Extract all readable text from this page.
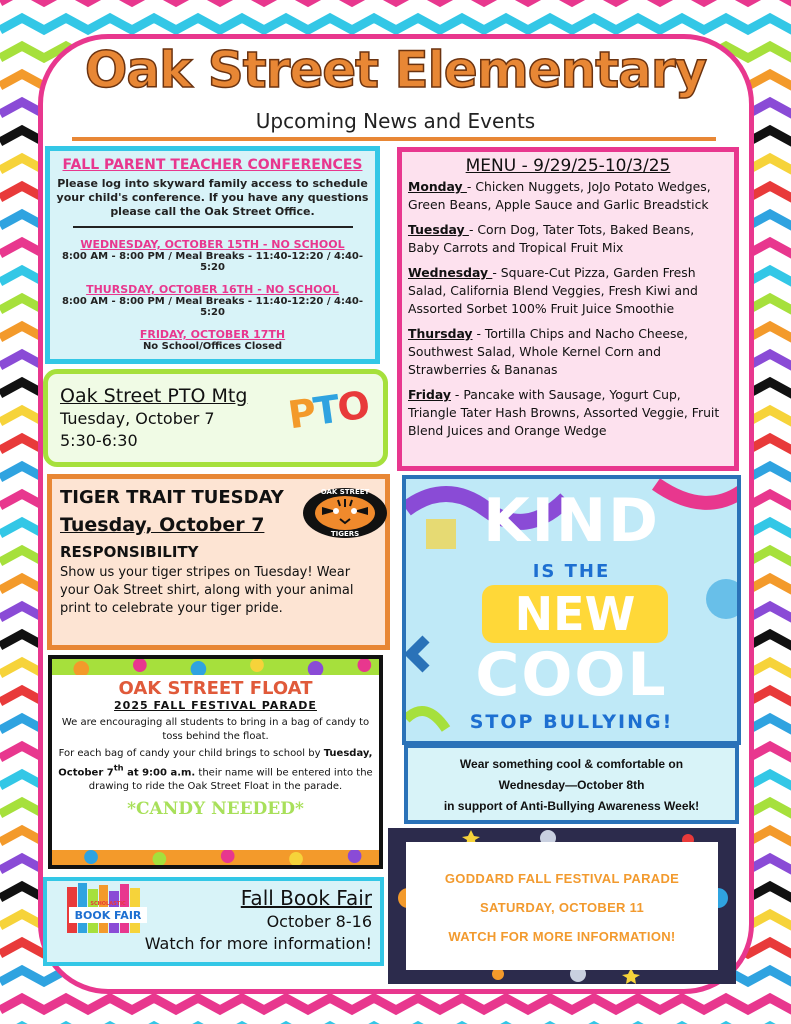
Oak Street Elementary
Upcoming News and Events
FALL PARENT TEACHER CONFERENCES
Please log into skyward family access to schedule your child's conference. If you have any questions please call the Oak Street Office.
WEDNESDAY, OCTOBER 15TH - NO SCHOOL
8:00 AM - 8:00 PM / Meal Breaks - 11:40-12:20 / 4:40-5:20
THURSDAY, OCTOBER 16TH - NO SCHOOL
8:00 AM - 8:00 PM / Meal Breaks - 11:40-12:20 / 4:40-5:20
FRIDAY, OCTOBER 17TH
No School/Offices Closed
MENU - 9/29/25-10/3/25

Monday - Chicken Nuggets, JoJo Potato Wedges, Green Beans, Apple Sauce and Garlic Breadstick

Tuesday - Corn Dog, Tater Tots, Baked Beans, Baby Carrots and Tropical Fruit Mix

Wednesday - Square-Cut Pizza, Garden Fresh Salad, California Blend Veggies, Fresh Kiwi and Assorted Sorbet 100% Fruit Juice Smoothie

Thursday - Tortilla Chips and Nacho Cheese, Southwest Salad, Whole Kernel Corn and Strawberries & Bananas

Friday - Pancake with Sausage, Yogurt Cup, Triangle Tater Hash Browns, Assorted Veggie, Fruit Blend Juices and Orange Wedge

Oak Street PTO Mtg
Tuesday, October 7
5:30-6:30
PTO
TIGER TRAIT TUESDAY
Tuesday, October 7
RESPONSIBILITY
Show us your tiger stripes on Tuesday! Wear your Oak Street shirt, along with your animal print to celebrate your tiger pride.
OAK STREET
TIGERS
OAK STREET FLOAT
2025 FALL FESTIVAL PARADE
We are encouraging all students to bring in a bag of candy to toss behind the float.
For each bag of candy your child brings to school by Tuesday, October 7th at 9:00 a.m. their name will be entered into the drawing to ride the Oak Street Float in the parade.
*CANDY NEEDED*
KIND
IS THE
NEW
COOL
STOP BULLYING!
Wear something cool & comfortable on
Wednesday—October 8th
in support of Anti-Bullying Awareness Week!
BOOK FAIR
SCHOLASTIC	Fall Book Fair
October 8-16
Watch for more information!
GODDARD FALL FESTIVAL PARADE
SATURDAY, OCTOBER 11
WATCH FOR MORE INFORMATION!
